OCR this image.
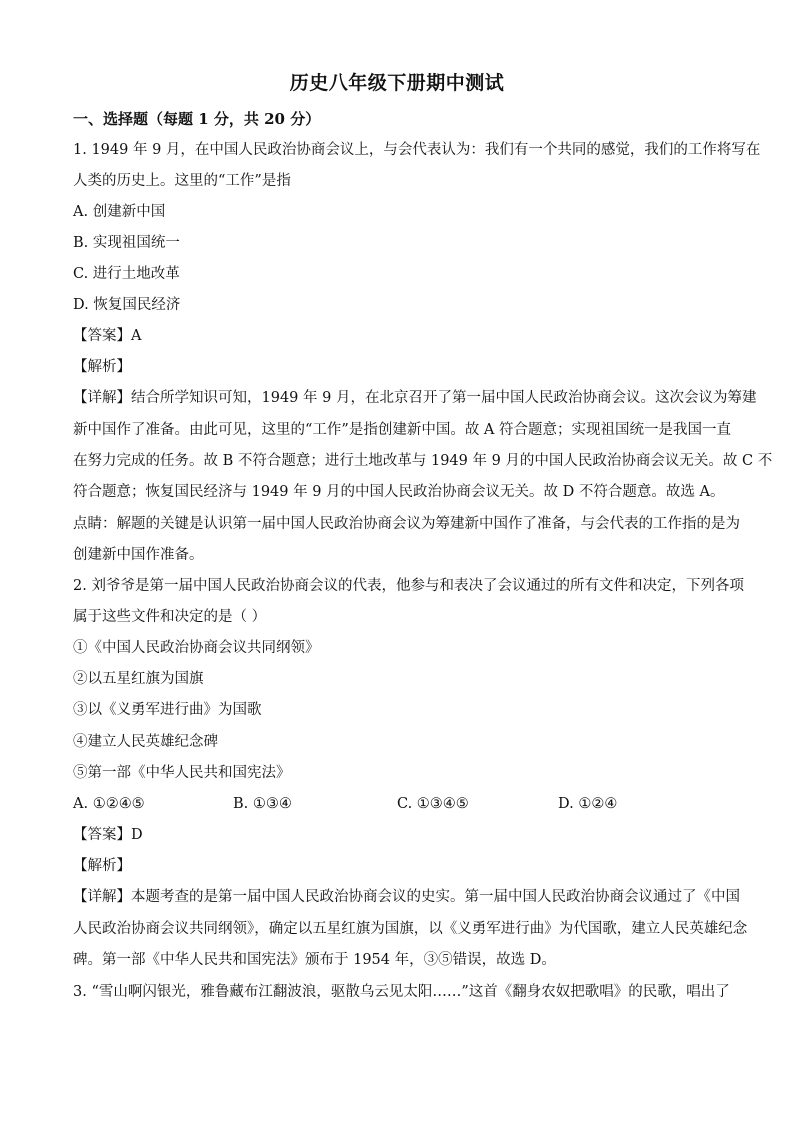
历史八年级下册期中测试
一、选择题（每题 1 分，共 20 分）
1. 1949 年 9 月，在中国人民政治协商会议上，与会代表认为：我们有一个共同的感觉，我们的工作将写在
人类的历史上。这里的“工作”是指
A. 创建新中国
B. 实现祖国统一
C. 进行土地改革
D. 恢复国民经济
【答案】A
【解析】
【详解】结合所学知识可知，1949 年 9 月，在北京召开了第一届中国人民政治协商会议。这次会议为筹建
新中国作了准备。由此可见，这里的“工作”是指创建新中国。故 A 符合题意；实现祖国统一是我国一直
在努力完成的任务。故 B 不符合题意；进行土地改革与 1949 年 9 月的中国人民政治协商会议无关。故 C 不
符合题意；恢复国民经济与 1949 年 9 月的中国人民政治协商会议无关。故 D 不符合题意。故选 A。
点睛：解题的关键是认识第一届中国人民政治协商会议为筹建新中国作了准备，与会代表的工作指的是为
创建新中国作准备。
2. 刘爷爷是第一届中国人民政治协商会议的代表，他参与和表决了会议通过的所有文件和决定，下列各项
属于这些文件和决定的是（ ）
①《中国人民政治协商会议共同纲领》
②以五星红旗为国旗
③以《义勇军进行曲》为国歌
④建立人民英雄纪念碑
⑤第一部《中华人民共和国宪法》
A. ①②④⑤	B. ①③④	C. ①③④⑤	D. ①②④
【答案】D
【解析】
【详解】本题考查的是第一届中国人民政治协商会议的史实。第一届中国人民政治协商会议通过了《中国
人民政治协商会议共同纲领》，确定以五星红旗为国旗，以《义勇军进行曲》为代国歌，建立人民英雄纪念
碑。第一部《中华人民共和国宪法》颁布于 1954 年，③⑤错误，故选 D。
3. “雪山啊闪银光，雅鲁藏布江翻波浪，驱散乌云见太阳……”这首《翻身农奴把歌唱》的民歌，唱出了
